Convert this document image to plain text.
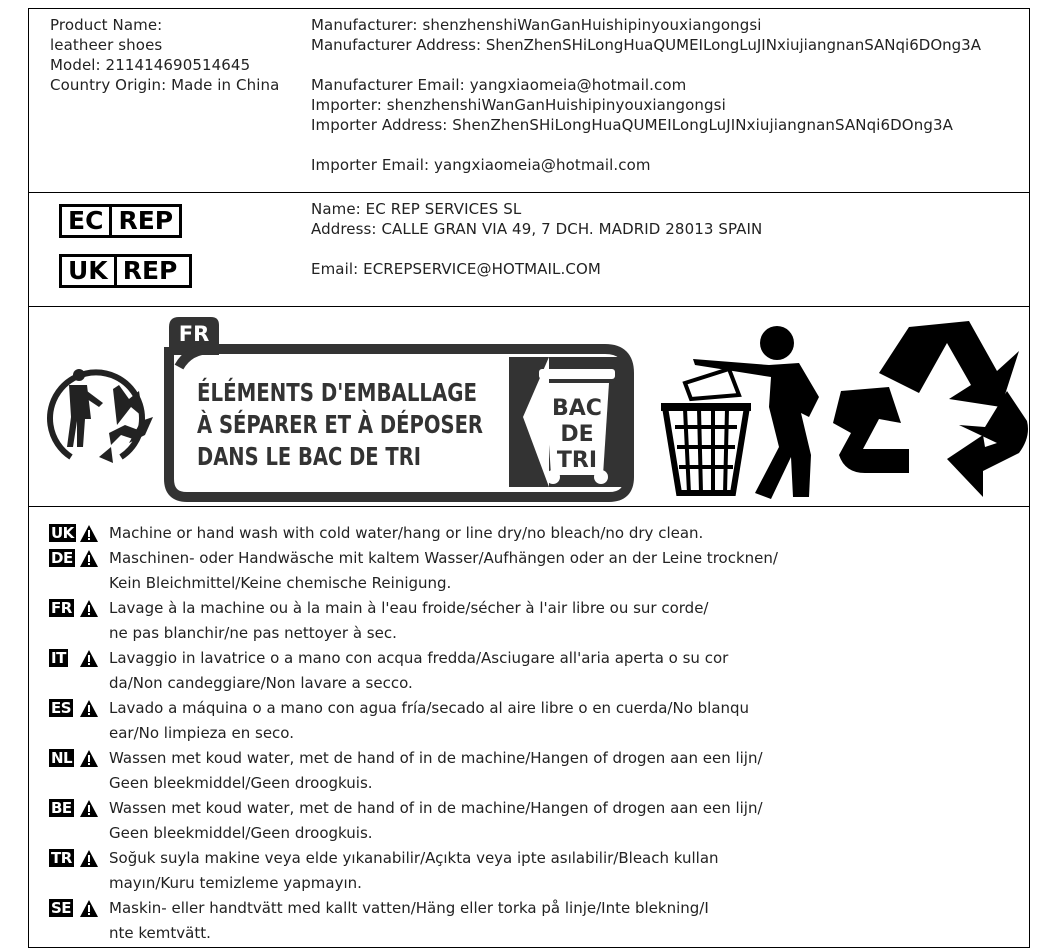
Product Name:
leatheer shoes
Model: 211414690514645
Country Origin: Made in China
Manufacturer: shenzhenshiWanGanHuishipinyouxiangongsi
Manufacturer Address: ShenZhenSHiLongHuaQUMEILongLuJINxiujiangnanSANqi6DOng3A
Manufacturer Email: yangxiaomeia@hotmail.com
Importer: shenzhenshiWanGanHuishipinyouxiangongsi
Importer Address: ShenZhenSHiLongHuaQUMEILongLuJINxiujiangnanSANqi6DOng3A
Importer Email: yangxiaomeia@hotmail.com
EC REP
UK REP
Name: EC REP SERVICES SL
Address: CALLE GRAN VIA 49, 7 DCH. MADRID 28013 SPAIN
Email: ECREPSERVICE@HOTMAIL.COM
FR
ÉLÉMENTS D'EMBALLAGE
À SÉPARER ET À DÉPOSER
DANS LE BAC DE TRI
BAC
DE
TRI
UK Machine or hand wash with cold water/hang or line dry/no bleach/no dry clean.
DE Maschinen- oder Handwäsche mit kaltem Wasser/Aufhängen oder an der Leine trocknen/
Kein Bleichmittel/Keine chemische Reinigung.
FR Lavage à la machine ou à la main à l'eau froide/sécher à l'air libre ou sur corde/
ne pas blanchir/ne pas nettoyer à sec.
IT	Lavaggio in lavatrice o a mano con acqua fredda/Asciugare all'aria aperta o su cor
da/Non candeggiare/Non lavare a secco.
ES	Lavado a máquina o a mano con agua fría/secado al aire libre o en cuerda/No blanqu
ear/No limpieza en seco.
NL Wassen met koud water, met de hand of in de machine/Hangen of drogen aan een lijn/
Geen bleekmiddel/Geen droogkuis.
BE Wassen met koud water, met de hand of in de machine/Hangen of drogen aan een lijn/
Geen bleekmiddel/Geen droogkuis.
TR Soğuk suyla makine veya elde yıkanabilir/Açıkta veya ipte asılabilir/Bleach kullan
mayın/Kuru temizleme yapmayın.
SE	Maskin- eller handtvätt med kallt vatten/Häng eller torka på linje/Inte blekning/I
nte kemtvätt.
